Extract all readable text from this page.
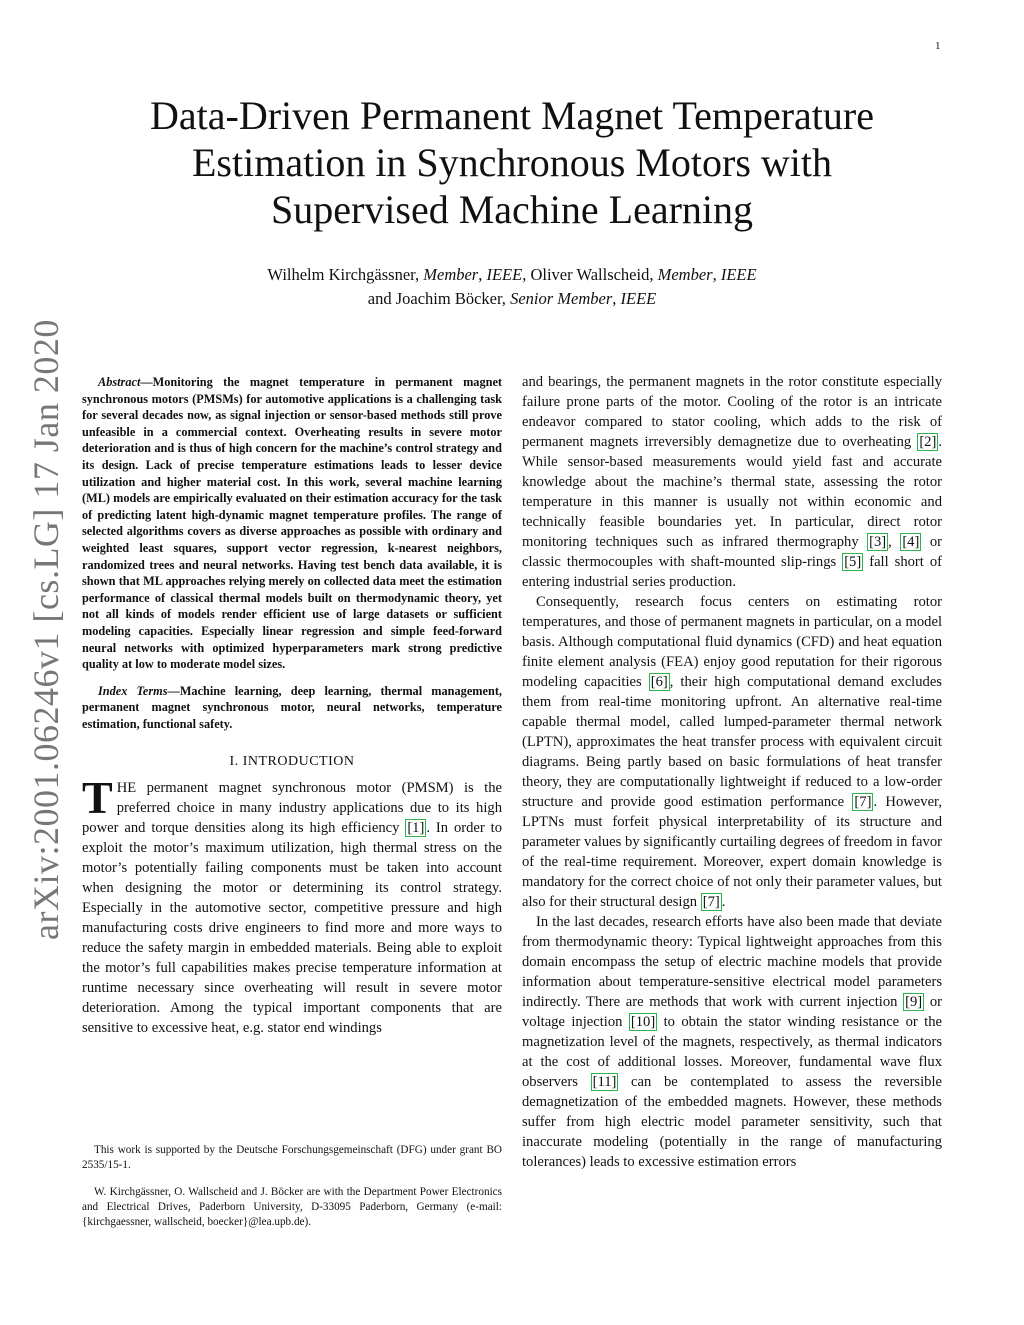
1
arXiv:2001.06246v1 [cs.LG] 17 Jan 2020
Data-Driven Permanent Magnet Temperature Estimation in Synchronous Motors with Supervised Machine Learning
Wilhelm Kirchgässner, Member, IEEE, Oliver Wallscheid, Member, IEEE
and Joachim Böcker, Senior Member, IEEE

Abstract—Monitoring the magnet temperature in permanent magnet synchronous motors (PMSMs) for automotive applications is a challenging task for several decades now, as signal injection or sensor-based methods still prove unfeasible in a commercial context. Overheating results in severe motor deterioration and is thus of high concern for the machine’s control strategy and its design. Lack of precise temperature estimations leads to lesser device utilization and higher material cost. In this work, several machine learning (ML) models are empirically evaluated on their estimation accuracy for the task of predicting latent high-dynamic magnet temperature profiles. The range of selected algorithms covers as diverse approaches as possible with ordinary and weighted least squares, support vector regression, k-nearest neighbors, randomized trees and neural networks. Having test bench data available, it is shown that ML approaches relying merely on collected data meet the estimation performance of classical thermal models built on thermodynamic theory, yet not all kinds of models render efficient use of large datasets or sufficient modeling capacities. Especially linear regression and simple feed-forward neural networks with optimized hyperparameters mark strong predictive quality at low to moderate model sizes.

Index Terms—Machine learning, deep learning, thermal management, permanent magnet synchronous motor, neural networks, temperature estimation, functional safety.

I. INTRODUCTION

THE permanent magnet synchronous motor (PMSM) is the preferred choice in many industry applications due to its high power and torque densities along its high efficiency [1] . In order to exploit the motor’s maximum utilization, high thermal stress on the motor’s potentially failing components must be taken into account when designing the motor or determining its control strategy. Especially in the automotive sector, competitive pressure and high manufacturing costs drive engineers to find more and more ways to reduce the safety margin in embedded materials. Being able to exploit the motor’s full capabilities makes precise temperature information at runtime necessary since overheating will result in severe motor deterioration. Among the typical important components that are sensitive to excessive heat, e.g. stator end windings

This work is supported by the Deutsche Forschungsgemeinschaft (DFG) under grant BO 2535/15-1.

W. Kirchgässner, O. Wallscheid and J. Böcker are with the Department Power Electronics and Electrical Drives, Paderborn University, D-33095 Paderborn, Germany (e-mail: {kirchgaessner, wallscheid, boecker}@lea.upb.de).

and bearings, the permanent magnets in the rotor constitute especially failure prone parts of the motor. Cooling of the rotor is an intricate endeavor compared to stator cooling, which adds to the risk of permanent magnets irreversibly demagnetize due to overheating [2] . While sensor-based measurements would yield fast and accurate knowledge about the machine’s thermal state, assessing the rotor temperature in this manner is usually not within economic and technically feasible boundaries yet. In particular, direct rotor monitoring techniques such as infrared thermography [3] , [4] or classic thermocouples with shaft-mounted slip-rings [5] fall short of entering industrial series production.

Consequently, research focus centers on estimating rotor temperatures, and those of permanent magnets in particular, on a model basis. Although computational fluid dynamics (CFD) and heat equation finite element analysis (FEA) enjoy good reputation for their rigorous modeling capacities [6] , their high computational demand excludes them from real-time monitoring upfront. An alternative real-time capable thermal model, called lumped-parameter thermal network (LPTN), approximates the heat transfer process with equivalent circuit diagrams. Being partly based on basic formulations of heat transfer theory, they are computationally lightweight if reduced to a low-order structure and provide good estimation performance [7] . However, LPTNs must forfeit physical interpretability of its structure and parameter values by significantly curtailing degrees of freedom in favor of the real-time requirement. Moreover, expert domain knowledge is mandatory for the correct choice of not only their parameter values, but also for their structural design [7] .

In the last decades, research efforts have also been made that deviate from thermodynamic theory: Typical lightweight approaches from this domain encompass the setup of electric machine models that provide information about temperature-sensitive electrical model parameters indirectly. There are methods that work with current injection [9] or voltage injection [10] to obtain the stator winding resistance or the magnetization level of the magnets, respectively, as thermal indicators at the cost of additional losses. Moreover, fundamental wave flux observers [11] can be contemplated to assess the reversible demagnetization of the embedded magnets. However, these methods suffer from high electric model parameter sensitivity, such that inaccurate modeling (potentially in the range of manufacturing tolerances) leads to excessive estimation errors
